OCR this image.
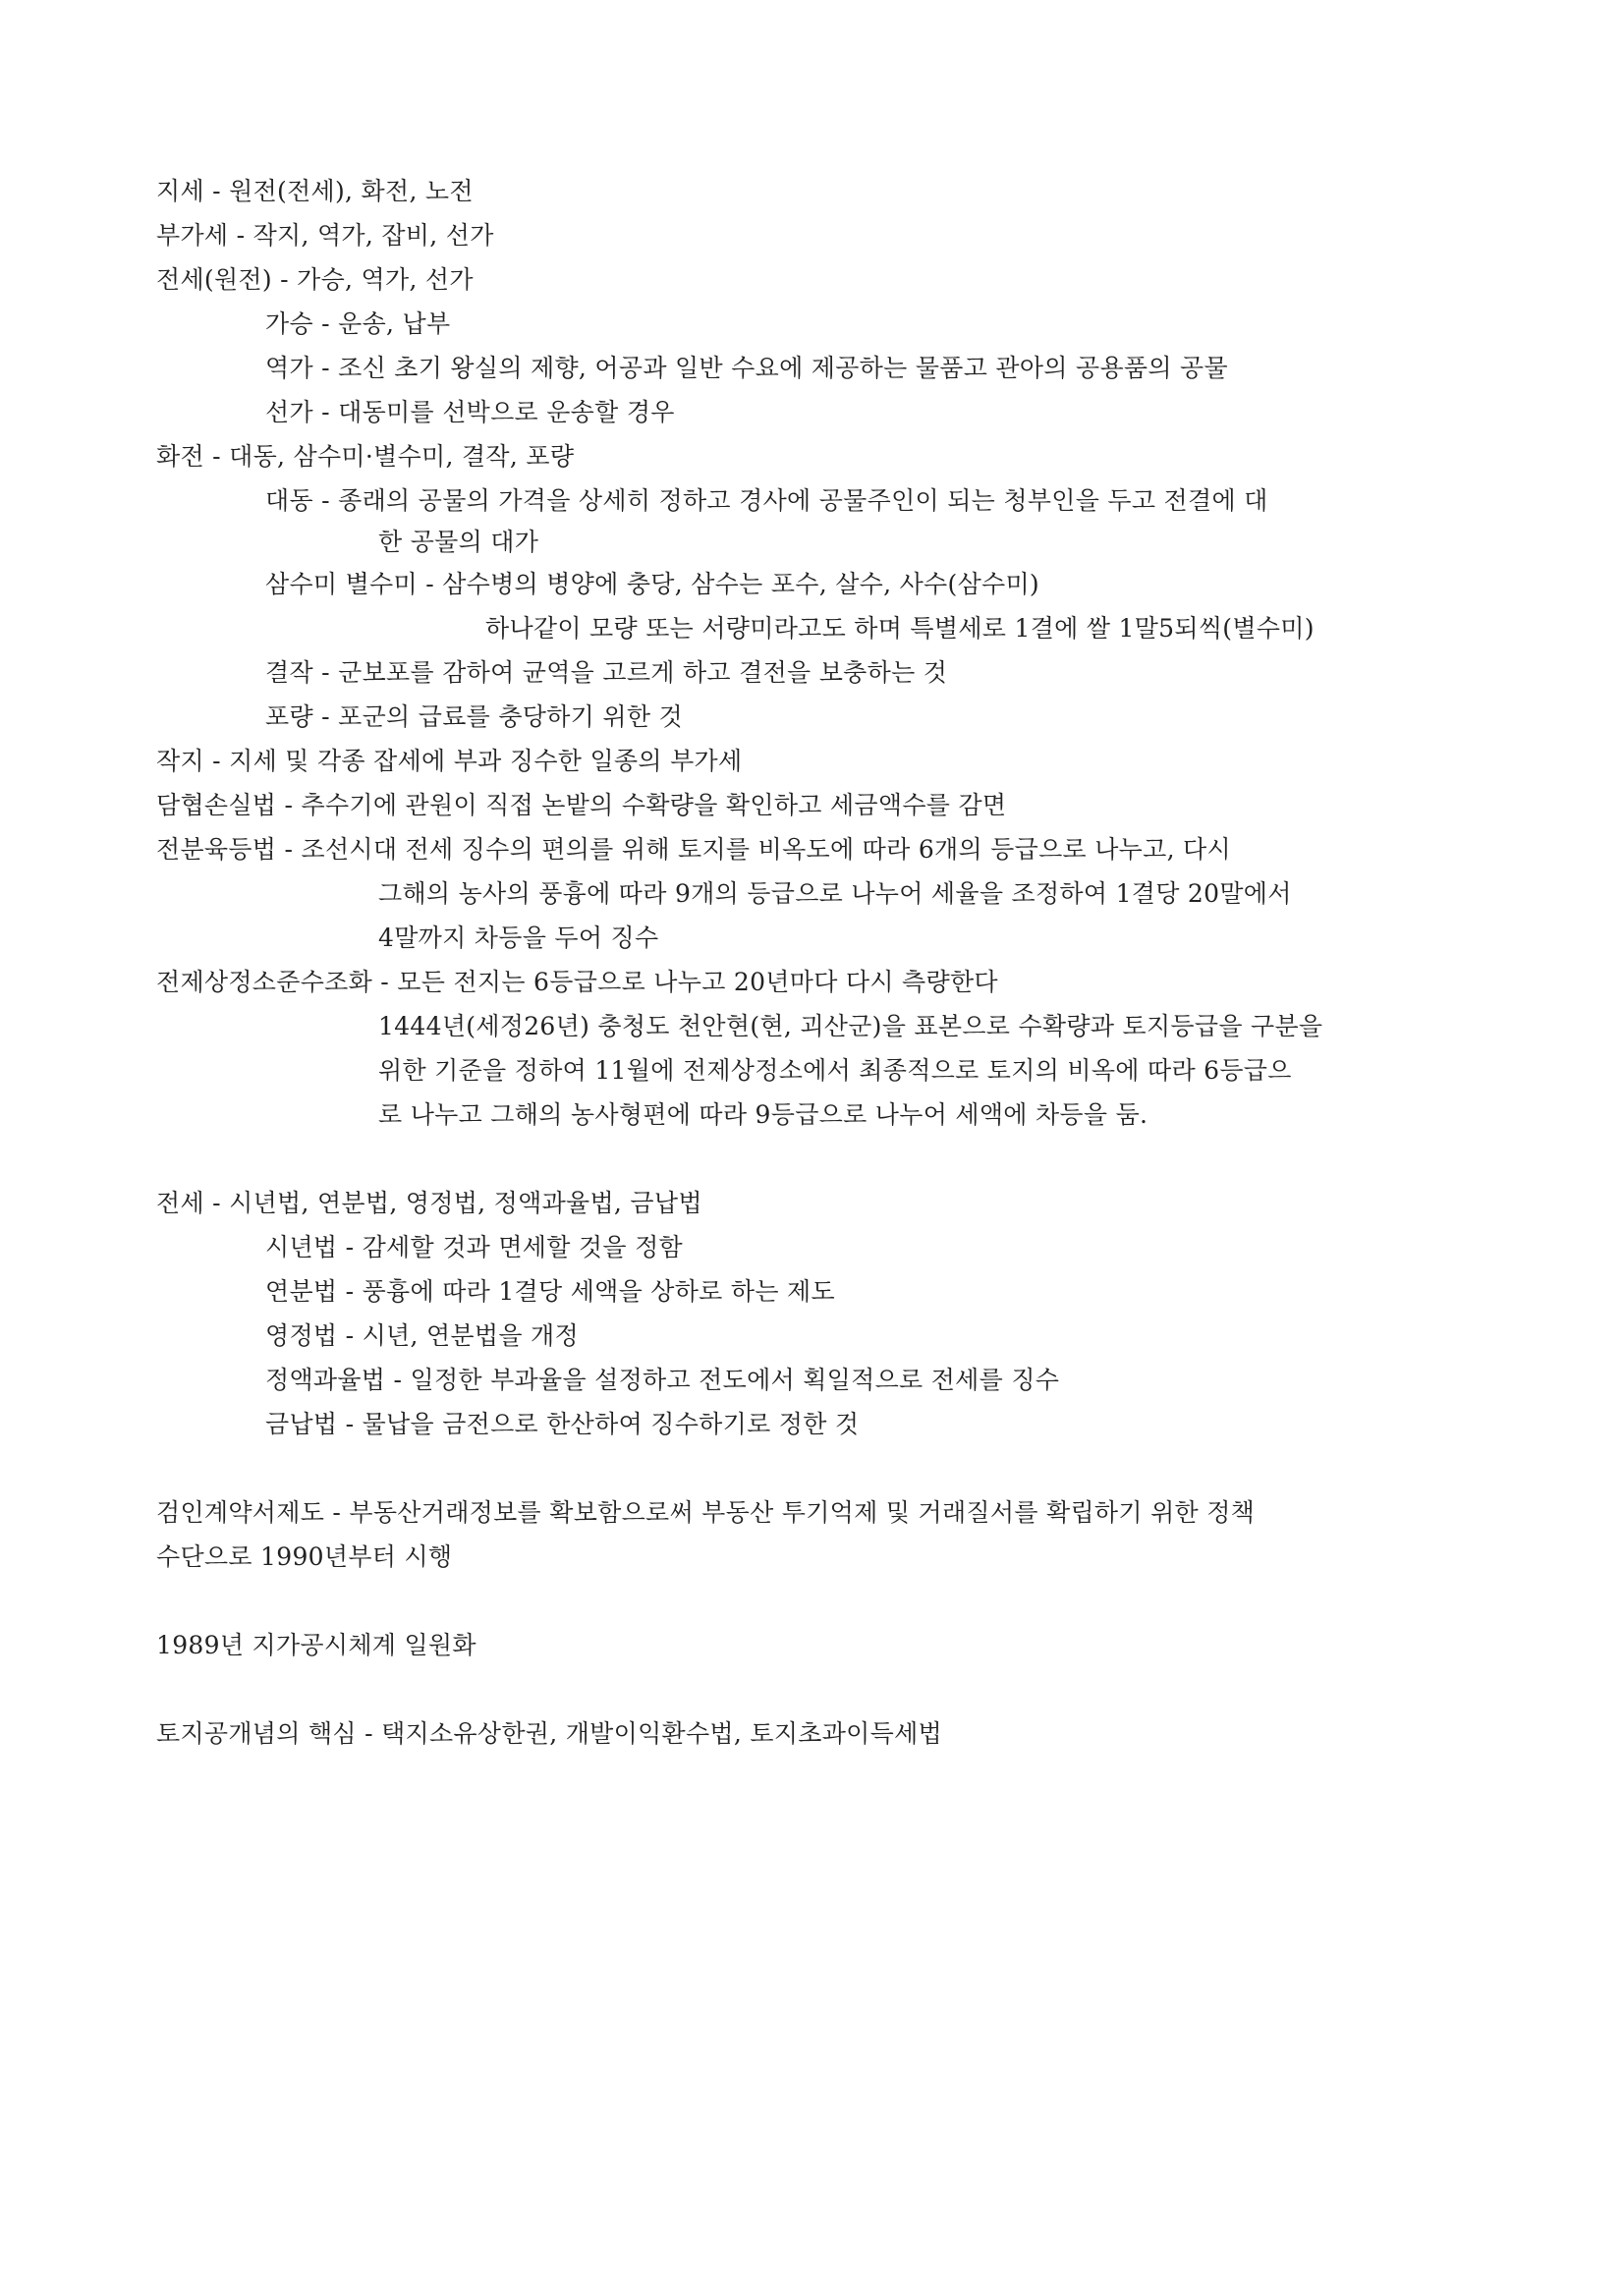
지세 - 원전(전세), 화전, 노전
부가세 - 작지, 역가, 잡비, 선가
전세(원전) - 가승, 역가, 선가
가승 - 운송, 납부
역가 - 조신 초기 왕실의 제향, 어공과 일반 수요에 제공하는 물품고 관아의 공용품의 공물
선가 - 대동미를 선박으로 운송할 경우
화전 - 대동, 삼수미·별수미, 결작, 포량
대동 - 종래의 공물의 가격을 상세히 정하고 경사에 공물주인이 되는 청부인을 두고 전결에 대
한 공물의 대가
삼수미 별수미 - 삼수병의 병양에 충당, 삼수는 포수, 살수, 사수(삼수미)
하나같이 모량 또는 서량미라고도 하며 특별세로 1결에 쌀 1말5되씩(별수미)
결작 - 군보포를 감하여 균역을 고르게 하고 결전을 보충하는 것
포량 - 포군의 급료를 충당하기 위한 것
작지 - 지세 및 각종 잡세에 부과 징수한 일종의 부가세
담협손실법 - 추수기에 관원이 직접 논밭의 수확량을 확인하고 세금액수를 감면
전분육등법 - 조선시대 전세 징수의 편의를 위해 토지를 비옥도에 따라 6개의 등급으로 나누고, 다시
그해의 농사의 풍흉에 따라 9개의 등급으로 나누어 세율을 조정하여 1결당 20말에서
4말까지 차등을 두어 징수
전제상정소준수조화 - 모든 전지는 6등급으로 나누고 20년마다 다시 측량한다
1444년(세정26년) 충청도 천안현(현, 괴산군)을 표본으로 수확량과 토지등급을 구분을
위한 기준을 정하여 11월에 전제상정소에서 최종적으로 토지의 비옥에 따라 6등급으
로 나누고 그해의 농사형편에 따라 9등급으로 나누어 세액에 차등을 둠.
전세 - 시년법, 연분법, 영정법, 정액과율법, 금납법
시년법 - 감세할 것과 면세할 것을 정함
연분법 - 풍흉에 따라 1결당 세액을 상하로 하는 제도
영정법 - 시년, 연분법을 개정
정액과율법 - 일정한 부과율을 설정하고 전도에서 획일적으로 전세를 징수
금납법 - 물납을 금전으로 한산하여 징수하기로 정한 것
검인계약서제도 - 부동산거래정보를 확보함으로써 부동산 투기억제 및 거래질서를 확립하기 위한 정책
수단으로 1990년부터 시행
1989년 지가공시체계 일원화
토지공개념의 핵심 - 택지소유상한권, 개발이익환수법, 토지초과이득세법
